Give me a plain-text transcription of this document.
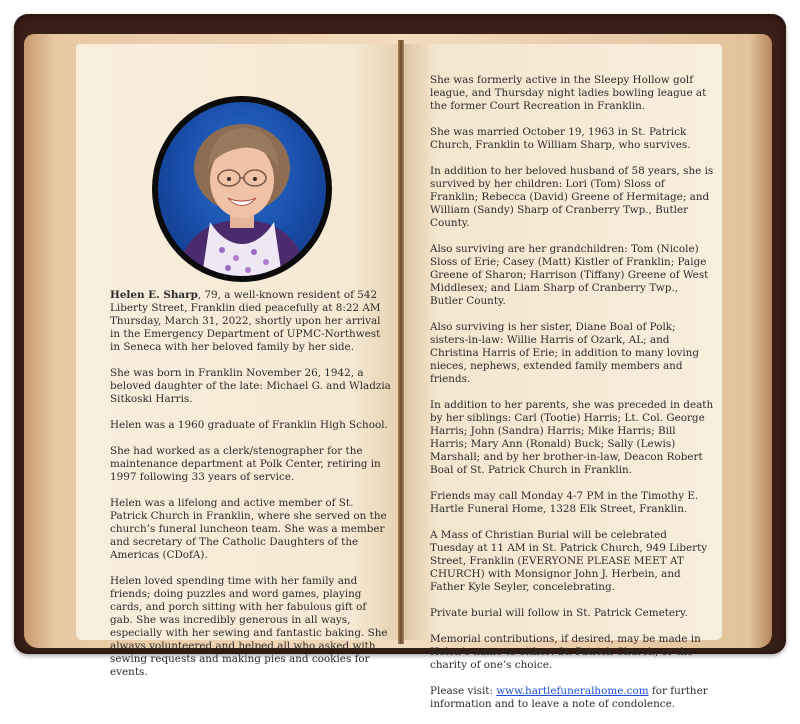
Helen E. Sharp, 79, a well-known resident of 542 Liberty Street, Franklin died peacefully at 8:22 AM Thursday, March 31, 2022, shortly upon her arrival in the Emergency Department of UPMC-Northwest in Seneca with her beloved family by her side.

She was born in Franklin November 26, 1942, a beloved daughter of the late: Michael G. and Wladzia Sitkoski Harris.

Helen was a 1960 graduate of Franklin High School.

She had worked as a clerk/stenographer for the maintenance department at Polk Center, retiring in 1997 following 33 years of service.

Helen was a lifelong and active member of St. Patrick Church in Franklin, where she served on the church’s funeral luncheon team. She was a member and secretary of The Catholic Daughters of the Americas (CDofA).

Helen loved spending time with her family and friends; doing puzzles and word games, playing cards, and porch sitting with her fabulous gift of gab. She was incredibly generous in all ways, especially with her sewing and fantastic baking. She always volunteered and helped all who asked with sewing requests and making pies and cookies for events.

She was formerly active in the Sleepy Hollow golf league, and Thursday night ladies bowling league at the former Court Recreation in Franklin.

She was married October 19, 1963 in St. Patrick Church, Franklin to William Sharp, who survives.

In addition to her beloved husband of 58 years, she is survived by her children: Lori (Tom) Sloss of Franklin; Rebecca (David) Greene of Hermitage; and William (Sandy) Sharp of Cranberry Twp., Butler County.

Also surviving are her grandchildren: Tom (Nicole) Sloss of Erie; Casey (Matt) Kistler of Franklin; Paige Greene of Sharon; Harrison (Tiffany) Greene of West Middlesex; and Liam Sharp of Cranberry Twp., Butler County.

Also surviving is her sister, Diane Boal of Polk; sisters-in-law: Willie Harris of Ozark, AL; and Christina Harris of Erie; in addition to many loving nieces, nephews, extended family members and friends.

In addition to her parents, she was preceded in death by her siblings: Carl (Tootie) Harris; Lt. Col. George Harris; John (Sandra) Harris; Mike Harris; Bill Harris; Mary Ann (Ronald) Buck; Sally (Lewis) Marshall; and by her brother-in-law, Deacon Robert Boal of St. Patrick Church in Franklin.

Friends may call Monday 4-7 PM in the Timothy E. Hartle Funeral Home, 1328 Elk Street, Franklin.

A Mass of Christian Burial will be celebrated Tuesday at 11 AM in St. Patrick Church, 949 Liberty Street, Franklin (EVERYONE PLEASE MEET AT CHURCH) with Monsignor John J. Herbein, and Father Kyle Seyler, concelebrating.

Private burial will follow in St. Patrick Cemetery.

Memorial contributions, if desired, may be made in Helen’s name to either: St. Patrick Church; or the charity of one’s choice.

Please visit: www.hartlefuneralhome.com for further information and to leave a note of condolence.
